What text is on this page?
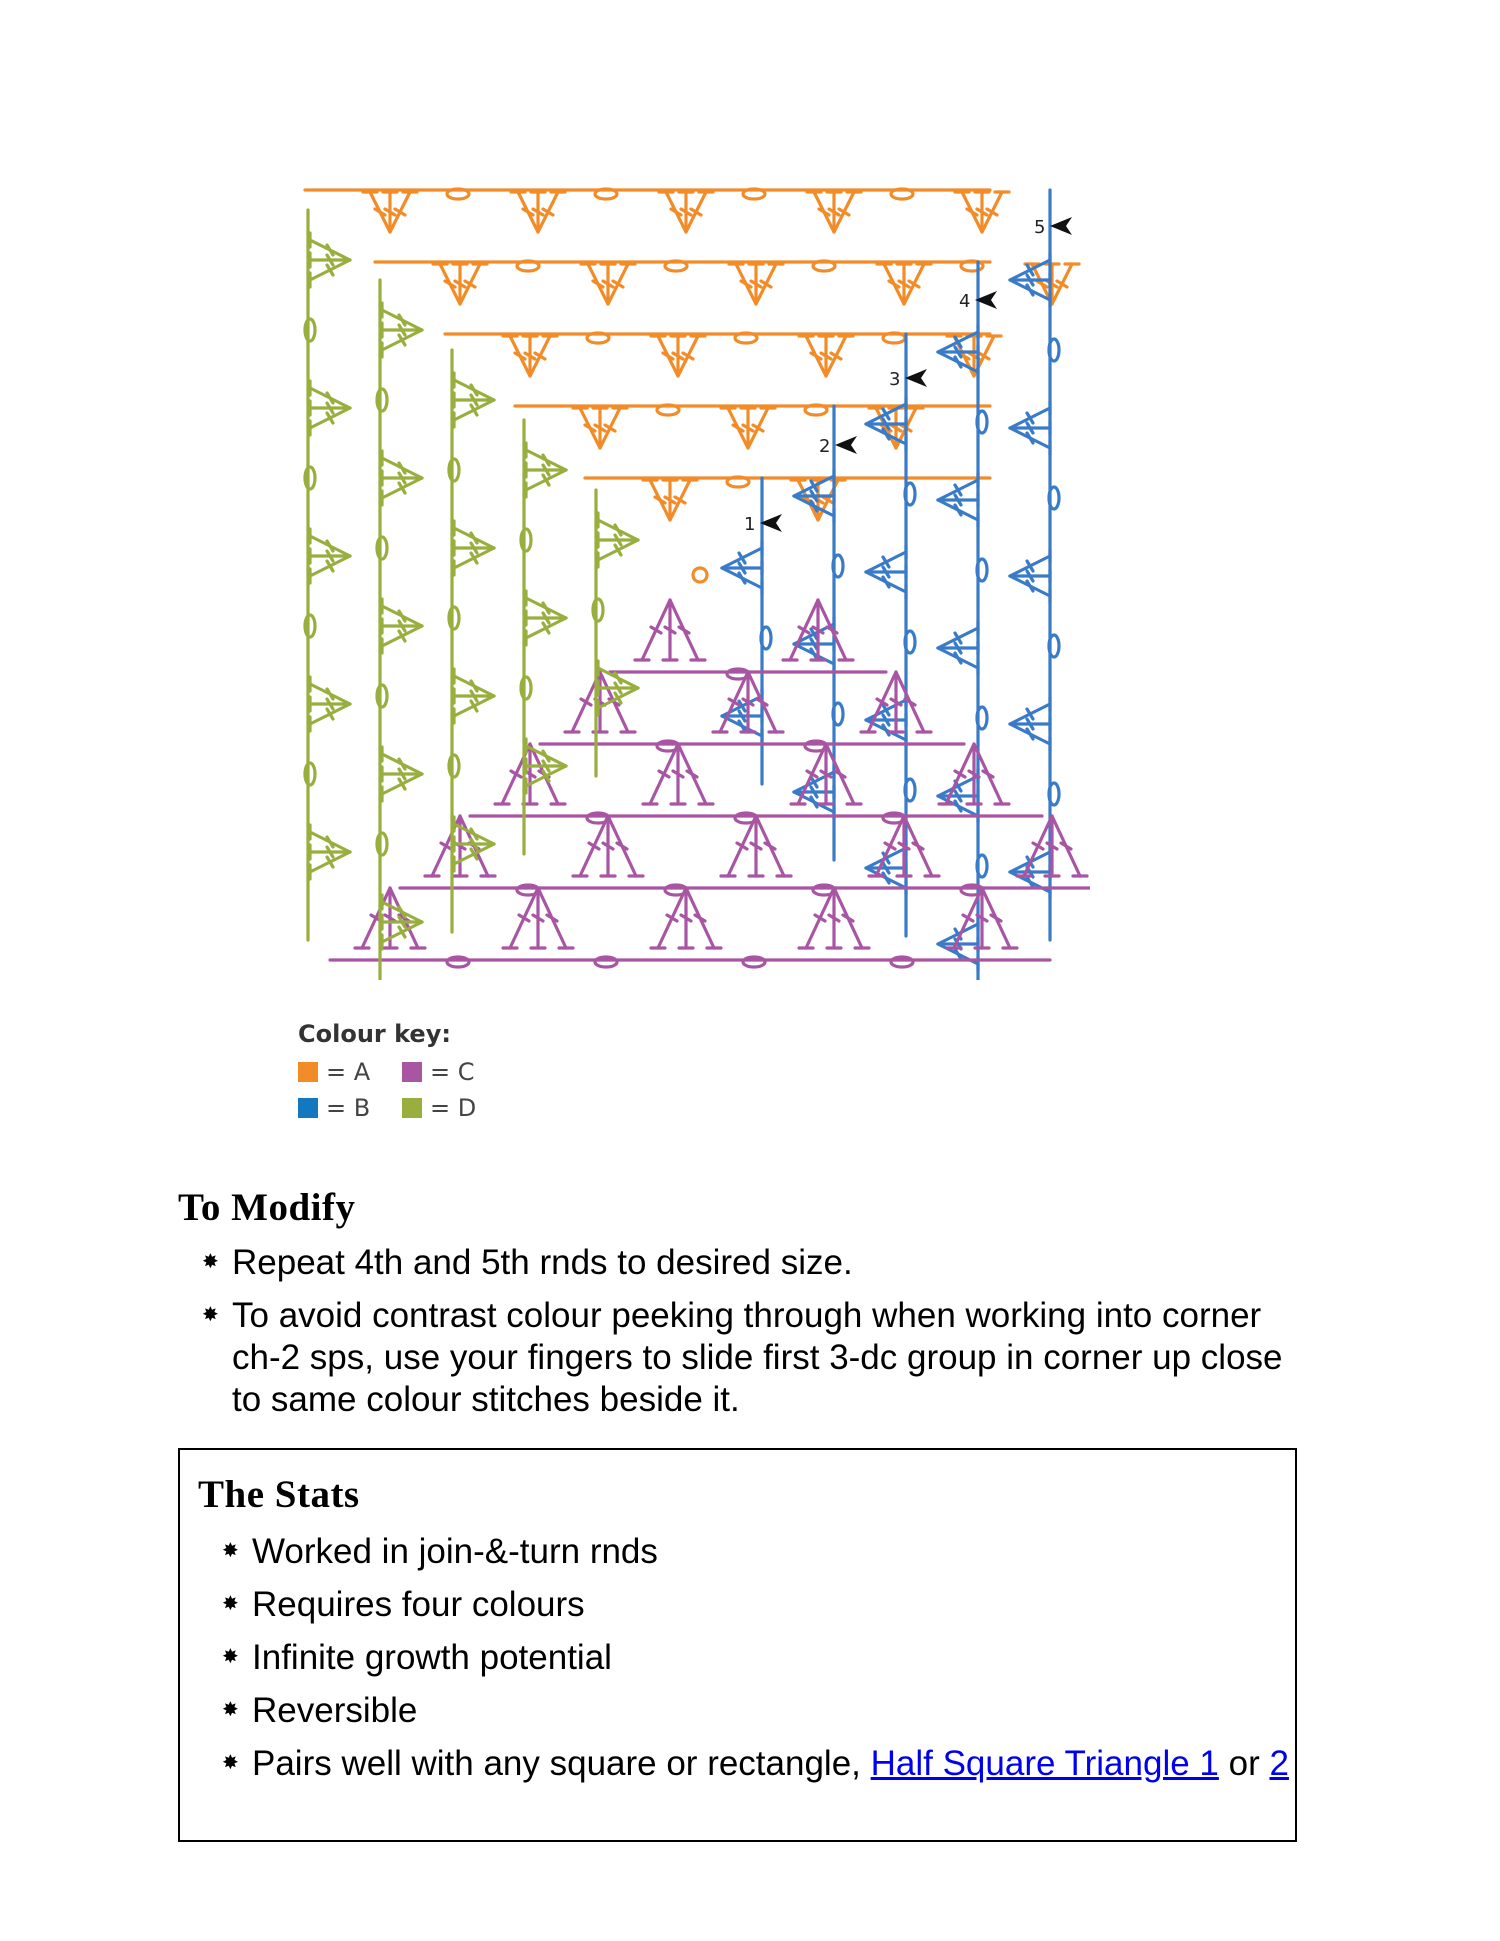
1
2
3
4
5
Colour key:
= A = C
= B = D
To Modify
✸ Repeat 4th and 5th rnds to desired size.
✸ To avoid contrast colour peeking through when working into corner ch-2 sps, use your fingers to slide first 3-dc group in corner up close to same colour stitches beside it.
The Stats
✸ Worked in join-&-turn rnds
✸ Requires four colours
✸ Infinite growth potential
✸ Reversible
✸ Pairs well with any square or rectangle, Half Square Triangle 1 or 2
